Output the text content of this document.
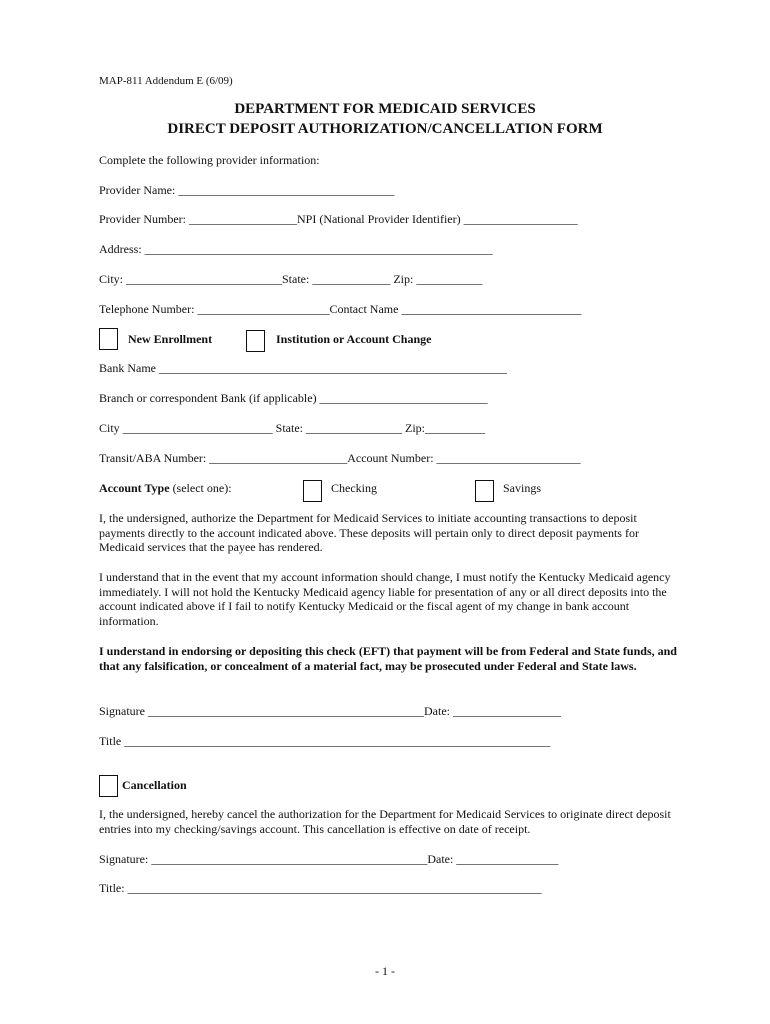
MAP-811 Addendum E (6/09)
DEPARTMENT FOR MEDICAID SERVICES
DIRECT DEPOSIT AUTHORIZATION/CANCELLATION FORM
Complete the following provider information:
Provider Name: ____________________________________
Provider Number: __________________NPI (National Provider Identifier) ___________________
Address: __________________________________________________________
City: __________________________State: _____________ Zip: ___________
Telephone Number: ______________________Contact Name ______________________________
New Enrollment	Institution or Account Change
Bank Name __________________________________________________________
Branch or correspondent Bank (if applicable) ____________________________
City _________________________ State: ________________ Zip:__________
Transit/ABA Number: _______________________Account Number: ________________________
Account Type (select one):	Checking	Savings
I, the undersigned, authorize the Department for Medicaid Services to initiate accounting transactions to deposit payments directly to the account indicated above. These deposits will pertain only to direct deposit payments for Medicaid services that the payee has rendered.
I understand that in the event that my account information should change, I must notify the Kentucky Medicaid agency immediately. I will not hold the Kentucky Medicaid agency liable for presentation of any or all direct deposits into the account indicated above if I fail to notify Kentucky Medicaid or the fiscal agent of my change in bank account information.
I understand in endorsing or depositing this check (EFT) that payment will be from Federal and State funds, and that any falsification, or concealment of a material fact, may be prosecuted under Federal and State laws.
Signature ______________________________________________Date: __________________
Title _______________________________________________________________________
Cancellation
I, the undersigned, hereby cancel the authorization for the Department for Medicaid Services to originate direct deposit entries into my checking/savings account. This cancellation is effective on date of receipt.
Signature: ______________________________________________Date: _________________
Title: _____________________________________________________________________
- 1 -
